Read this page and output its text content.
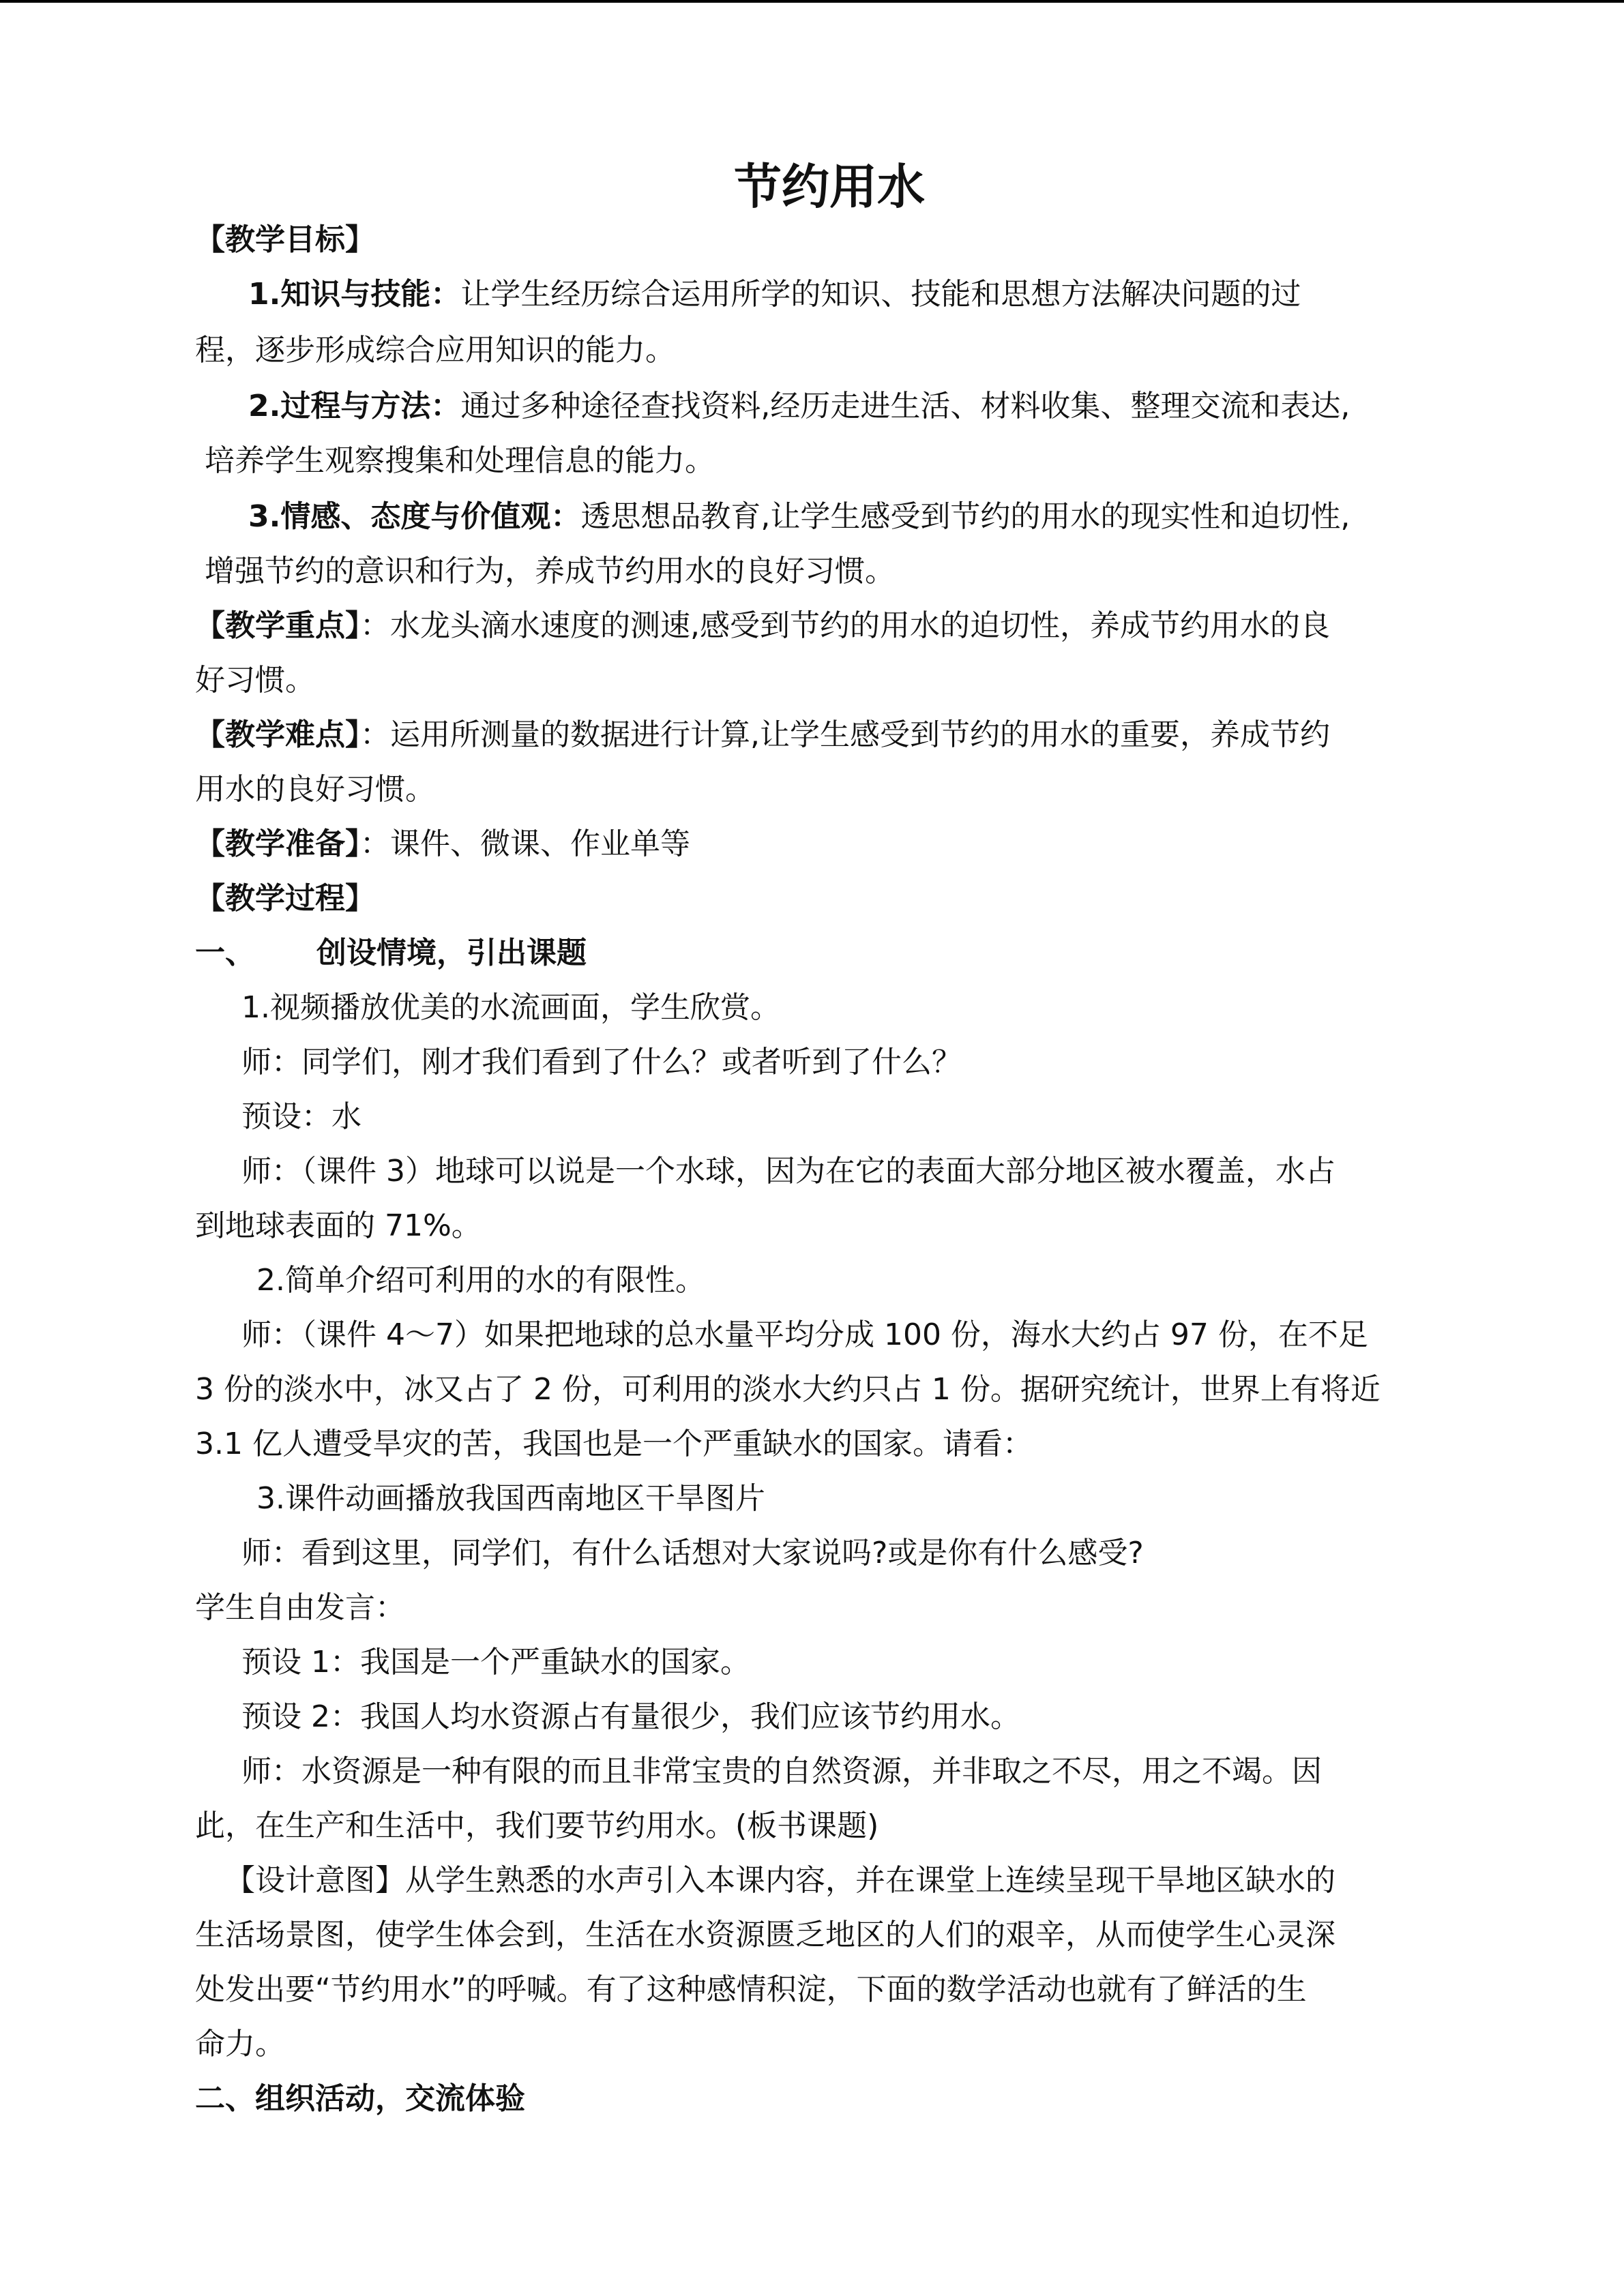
节约用水

【教学目标】

1.知识与技能：让学生经历综合运用所学的知识、技能和思想方法解决问题的过

程，逐步形成综合应用知识的能力。

2.过程与方法：通过多种途径查找资料,经历走进生活、材料收集、整理交流和表达,

培养学生观察搜集和处理信息的能力。

3.情感、态度与价值观：透思想品教育,让学生感受到节约的用水的现实性和迫切性,

增强节约的意识和行为，养成节约用水的良好习惯。

【教学重点】：水龙头滴水速度的测速,感受到节约的用水的迫切性，养成节约用水的良

好习惯。

【教学难点】：运用所测量的数据进行计算,让学生感受到节约的用水的重要，养成节约

用水的良好习惯。

【教学准备】：课件、微课、作业单等

【教学过程】

一、 创设情境，引出课题

1.视频播放优美的水流画面，学生欣赏。

师：同学们，刚才我们看到了什么？或者听到了什么？

预设：水

师：（课件 3）地球可以说是一个水球，因为在它的表面大部分地区被水覆盖，水占

到地球表面的 71%。

2.简单介绍可利用的水的有限性。

师：（课件 4～7）如果把地球的总水量平均分成 100 份，海水大约占 97 份，在不足

3 份的淡水中，冰又占了 2 份，可利用的淡水大约只占 1 份。据研究统计，世界上有将近

3.1 亿人遭受旱灾的苦，我国也是一个严重缺水的国家。请看：

3.课件动画播放我国西南地区干旱图片

师：看到这里，同学们，有什么话想对大家说吗?或是你有什么感受?

学生自由发言：

预设 1：我国是一个严重缺水的国家。

预设 2：我国人均水资源占有量很少，我们应该节约用水。

师：水资源是一种有限的而且非常宝贵的自然资源，并非取之不尽，用之不竭。因

此，在生产和生活中，我们要节约用水。(板书课题)

【设计意图】从学生熟悉的水声引入本课内容，并在课堂上连续呈现干旱地区缺水的

生活场景图，使学生体会到，生活在水资源匮乏地区的人们的艰辛，从而使学生心灵深

处发出要“节约用水”的呼喊。有了这种感情积淀，下面的数学活动也就有了鲜活的生

命力。

二、组织活动，交流体验
